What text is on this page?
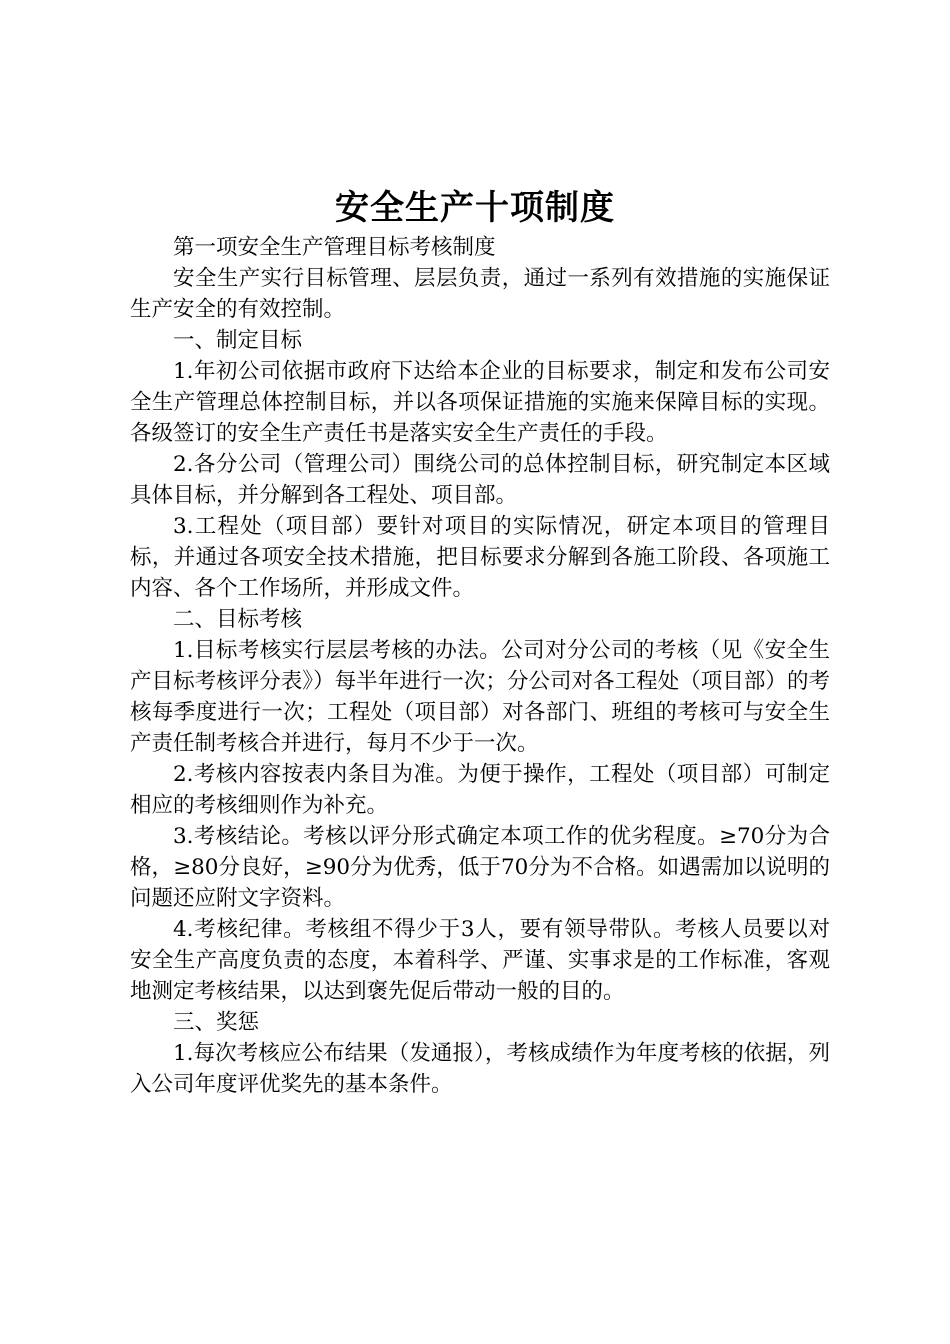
安全生产十项制度

第一项安全生产管理目标考核制度

安全生产实行目标管理、层层负责，通过一系列有效措施的实施保证生产安全的有效控制。

一、制定目标

1.年初公司依据市政府下达给本企业的目标要求，制定和发布公司安全生产管理总体控制目标，并以各项保证措施的实施来保障目标的实现。各级签订的安全生产责任书是落实安全生产责任的手段。

2.各分公司（管理公司）围绕公司的总体控制目标，研究制定本区域具体目标，并分解到各工程处、项目部。

3.工程处（项目部）要针对项目的实际情况，研定本项目的管理目标，并通过各项安全技术措施，把目标要求分解到各施工阶段、各项施工内容、各个工作场所，并形成文件。

二、目标考核

1.目标考核实行层层考核的办法。公司对分公司的考核（见《安全生产目标考核评分表》）每半年进行一次；分公司对各工程处（项目部）的考核每季度进行一次；工程处（项目部）对各部门、班组的考核可与安全生产责任制考核合并进行，每月不少于一次。

2.考核内容按表内条目为准。为便于操作，工程处（项目部）可制定相应的考核细则作为补充。

3.考核结论。考核以评分形式确定本项工作的优劣程度。≥70分为合格，≥80分良好，≥90分为优秀，低于70分为不合格。如遇需加以说明的问题还应附文字资料。

4.考核纪律。考核组不得少于3人，要有领导带队。考核人员要以对安全生产高度负责的态度，本着科学、严谨、实事求是的工作标准，客观地测定考核结果，以达到褒先促后带动一般的目的。

三、奖惩

1.每次考核应公布结果（发通报），考核成绩作为年度考核的依据，列入公司年度评优奖先的基本条件。
